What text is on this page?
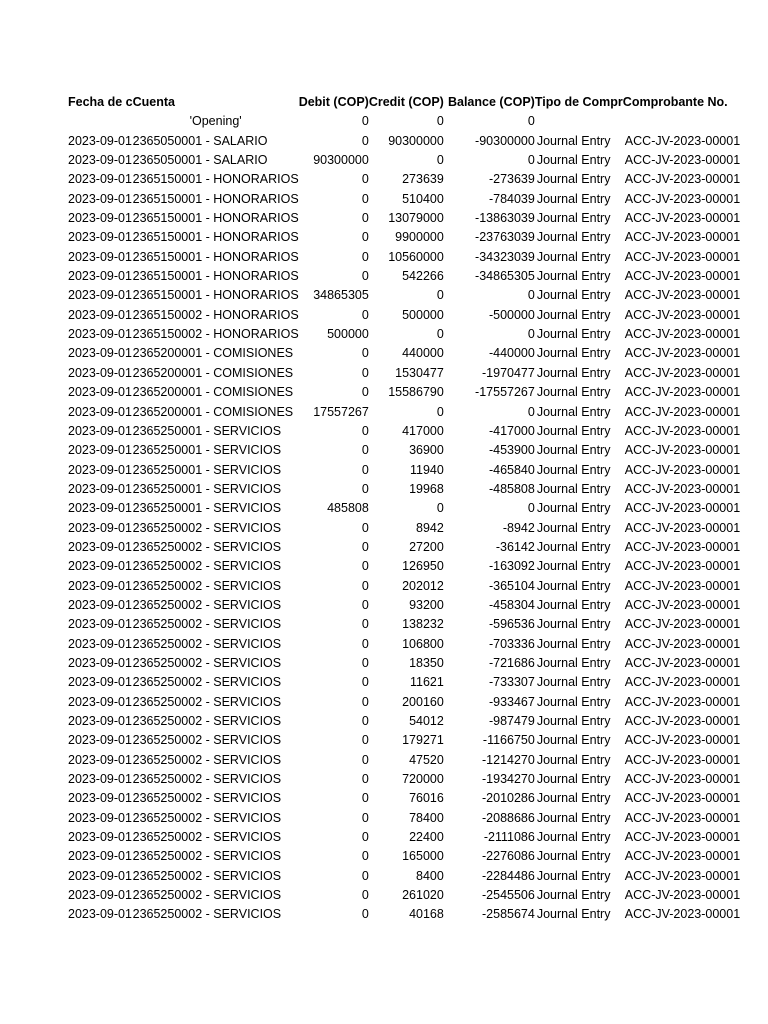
Fecha de c	Cuenta	Debit (COP)	Credit (COP)	Balance (COP)	Tipo de Compr	Comprobante No.
	'Opening'	0	0	0		
2023-09-01	2365050001 - SALARIO	0	90300000	-90300000	Journal Entry	ACC-JV-2023-00001
2023-09-01	2365050001 - SALARIO	90300000	0	0	Journal Entry	ACC-JV-2023-00001
2023-09-01	2365150001 - HONORARIOS	0	273639	-273639	Journal Entry	ACC-JV-2023-00001
2023-09-01	2365150001 - HONORARIOS	0	510400	-784039	Journal Entry	ACC-JV-2023-00001
2023-09-01	2365150001 - HONORARIOS	0	13079000	-13863039	Journal Entry	ACC-JV-2023-00001
2023-09-01	2365150001 - HONORARIOS	0	9900000	-23763039	Journal Entry	ACC-JV-2023-00001
2023-09-01	2365150001 - HONORARIOS	0	10560000	-34323039	Journal Entry	ACC-JV-2023-00001
2023-09-01	2365150001 - HONORARIOS	0	542266	-34865305	Journal Entry	ACC-JV-2023-00001
2023-09-01	2365150001 - HONORARIOS	34865305	0	0	Journal Entry	ACC-JV-2023-00001
2023-09-01	2365150002 - HONORARIOS	0	500000	-500000	Journal Entry	ACC-JV-2023-00001
2023-09-01	2365150002 - HONORARIOS	500000	0	0	Journal Entry	ACC-JV-2023-00001
2023-09-01	2365200001 - COMISIONES	0	440000	-440000	Journal Entry	ACC-JV-2023-00001
2023-09-01	2365200001 - COMISIONES	0	1530477	-1970477	Journal Entry	ACC-JV-2023-00001
2023-09-01	2365200001 - COMISIONES	0	15586790	-17557267	Journal Entry	ACC-JV-2023-00001
2023-09-01	2365200001 - COMISIONES	17557267	0	0	Journal Entry	ACC-JV-2023-00001
2023-09-01	2365250001 - SERVICIOS	0	417000	-417000	Journal Entry	ACC-JV-2023-00001
2023-09-01	2365250001 - SERVICIOS	0	36900	-453900	Journal Entry	ACC-JV-2023-00001
2023-09-01	2365250001 - SERVICIOS	0	11940	-465840	Journal Entry	ACC-JV-2023-00001
2023-09-01	2365250001 - SERVICIOS	0	19968	-485808	Journal Entry	ACC-JV-2023-00001
2023-09-01	2365250001 - SERVICIOS	485808	0	0	Journal Entry	ACC-JV-2023-00001
2023-09-01	2365250002 - SERVICIOS	0	8942	-8942	Journal Entry	ACC-JV-2023-00001
2023-09-01	2365250002 - SERVICIOS	0	27200	-36142	Journal Entry	ACC-JV-2023-00001
2023-09-01	2365250002 - SERVICIOS	0	126950	-163092	Journal Entry	ACC-JV-2023-00001
2023-09-01	2365250002 - SERVICIOS	0	202012	-365104	Journal Entry	ACC-JV-2023-00001
2023-09-01	2365250002 - SERVICIOS	0	93200	-458304	Journal Entry	ACC-JV-2023-00001
2023-09-01	2365250002 - SERVICIOS	0	138232	-596536	Journal Entry	ACC-JV-2023-00001
2023-09-01	2365250002 - SERVICIOS	0	106800	-703336	Journal Entry	ACC-JV-2023-00001
2023-09-01	2365250002 - SERVICIOS	0	18350	-721686	Journal Entry	ACC-JV-2023-00001
2023-09-01	2365250002 - SERVICIOS	0	11621	-733307	Journal Entry	ACC-JV-2023-00001
2023-09-01	2365250002 - SERVICIOS	0	200160	-933467	Journal Entry	ACC-JV-2023-00001
2023-09-01	2365250002 - SERVICIOS	0	54012	-987479	Journal Entry	ACC-JV-2023-00001
2023-09-01	2365250002 - SERVICIOS	0	179271	-1166750	Journal Entry	ACC-JV-2023-00001
2023-09-01	2365250002 - SERVICIOS	0	47520	-1214270	Journal Entry	ACC-JV-2023-00001
2023-09-01	2365250002 - SERVICIOS	0	720000	-1934270	Journal Entry	ACC-JV-2023-00001
2023-09-01	2365250002 - SERVICIOS	0	76016	-2010286	Journal Entry	ACC-JV-2023-00001
2023-09-01	2365250002 - SERVICIOS	0	78400	-2088686	Journal Entry	ACC-JV-2023-00001
2023-09-01	2365250002 - SERVICIOS	0	22400	-2111086	Journal Entry	ACC-JV-2023-00001
2023-09-01	2365250002 - SERVICIOS	0	165000	-2276086	Journal Entry	ACC-JV-2023-00001
2023-09-01	2365250002 - SERVICIOS	0	8400	-2284486	Journal Entry	ACC-JV-2023-00001
2023-09-01	2365250002 - SERVICIOS	0	261020	-2545506	Journal Entry	ACC-JV-2023-00001
2023-09-01	2365250002 - SERVICIOS	0	40168	-2585674	Journal Entry	ACC-JV-2023-00001
